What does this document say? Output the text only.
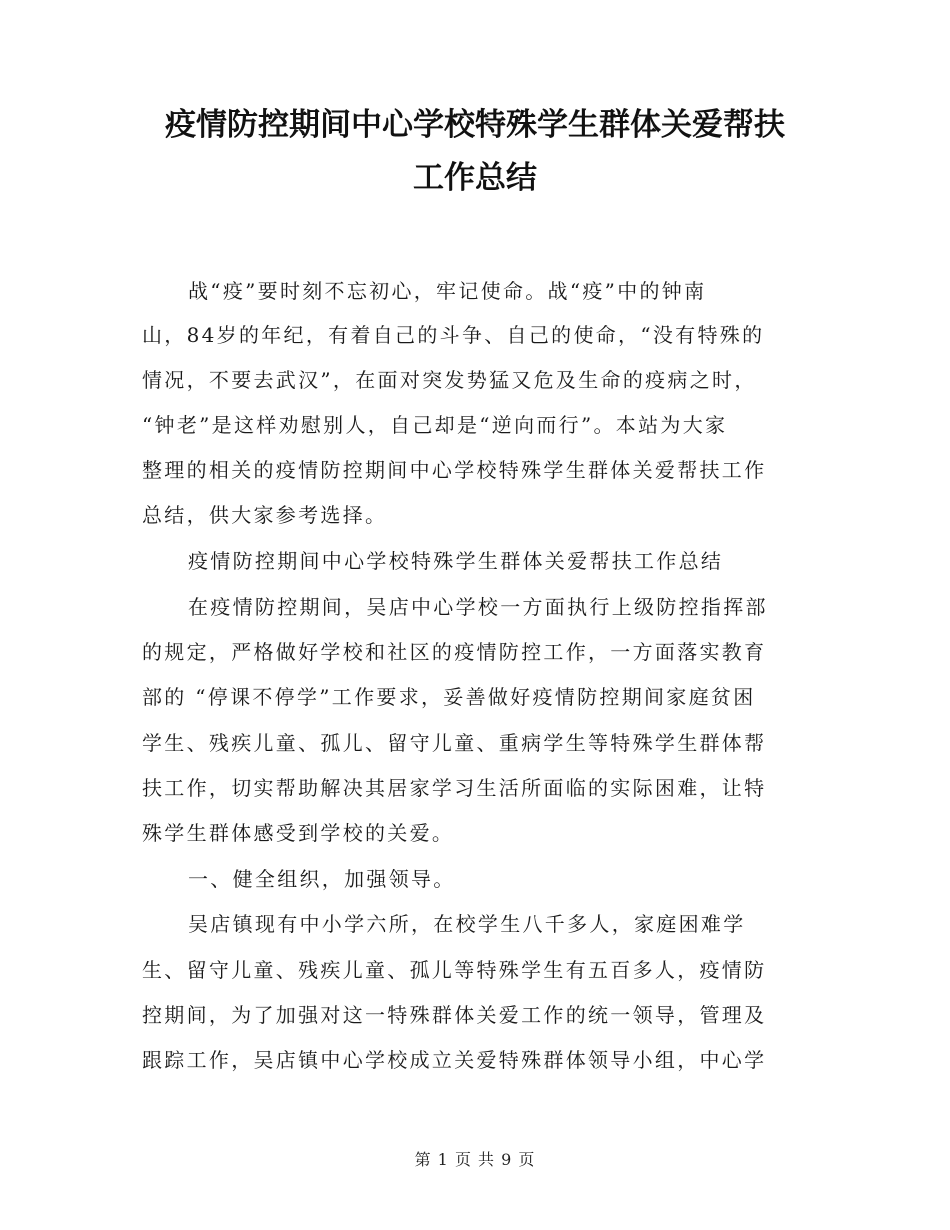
疫情防控期间中心学校特殊学生群体关爱帮扶
工作总结
战“疫”要时刻不忘初心，牢记使命。战“疫”中的钟南
山，84岁的年纪，有着自己的斗争、自己的使命，“没有特殊的
情况，不要去武汉”，在面对突发势猛又危及生命的疫病之时，
“钟老”是这样劝慰别人，自己却是“逆向而行”。本站为大家
整理的相关的疫情防控期间中心学校特殊学生群体关爱帮扶工作
总结，供大家参考选择。
疫情防控期间中心学校特殊学生群体关爱帮扶工作总结
在疫情防控期间，吴店中心学校一方面执行上级防控指挥部
的规定，严格做好学校和社区的疫情防控工作，一方面落实教育
部的 “停课不停学”工作要求，妥善做好疫情防控期间家庭贫困
学生、残疾儿童、孤儿、留守儿童、重病学生等特殊学生群体帮
扶工作，切实帮助解决其居家学习生活所面临的实际困难，让特
殊学生群体感受到学校的关爱。
一、健全组织，加强领导。
吴店镇现有中小学六所，在校学生八千多人，家庭困难学
生、留守儿童、残疾儿童、孤儿等特殊学生有五百多人，疫情防
控期间，为了加强对这一特殊群体关爱工作的统一领导，管理及
跟踪工作，吴店镇中心学校成立关爱特殊群体领导小组，中心学
第 1 页 共 9 页
